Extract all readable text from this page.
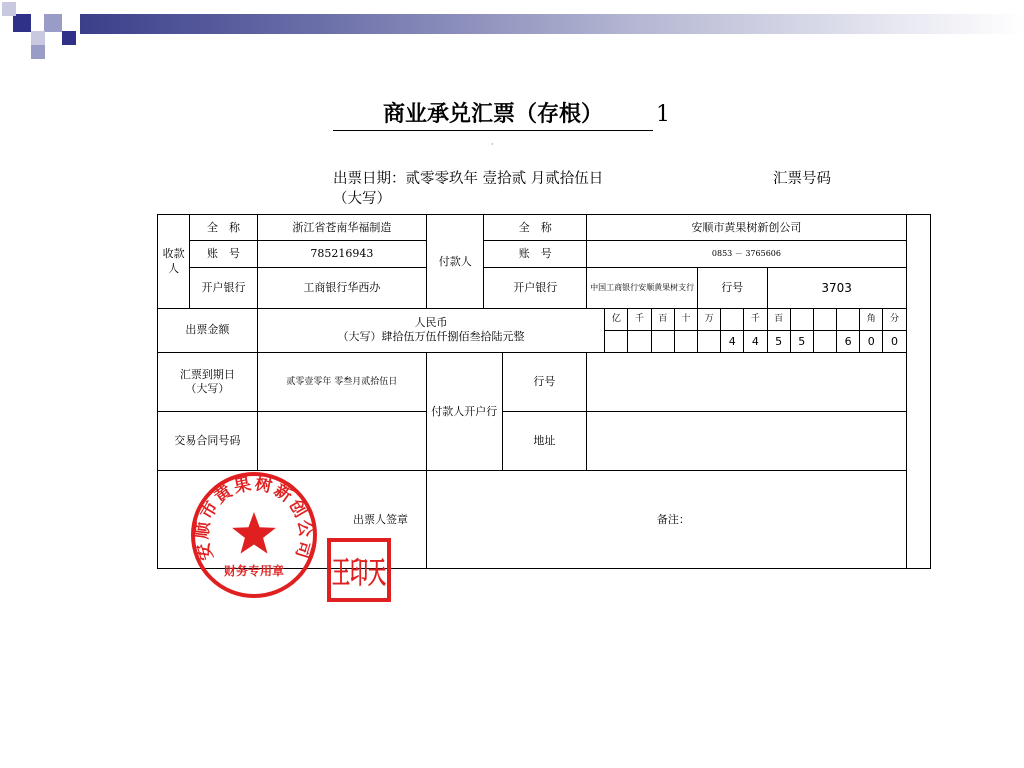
商业承兑汇票（存根）	1
·
出票日期：贰零零玖年 壹拾贰 月贰拾伍日
（大写）
汇票号码
收款人	全　称	浙江省苍南华福制造	付款人	全　称		安顺市黄果树新创公司														
	账　号	785216943		账　号		0853 － 3765606														
	开户银行	工商银行华西办		开户银行		中国工商银行安顺黄果树支行					行号			3703						
出票金额		人民币
（大写）肆拾伍万伍仟捌佰叁拾陆元整					亿	千	百	十	万		千	百				角	分	
												4	4	5	5		6	0	0	
汇票到期日（大写）		贰零壹零年 零叁月贰拾伍日	付款人开户行		行号															
交易合同号码					地址															
出票人签章			备注：																	
安顺市黄果树新创公司
财务专用章 王印天
